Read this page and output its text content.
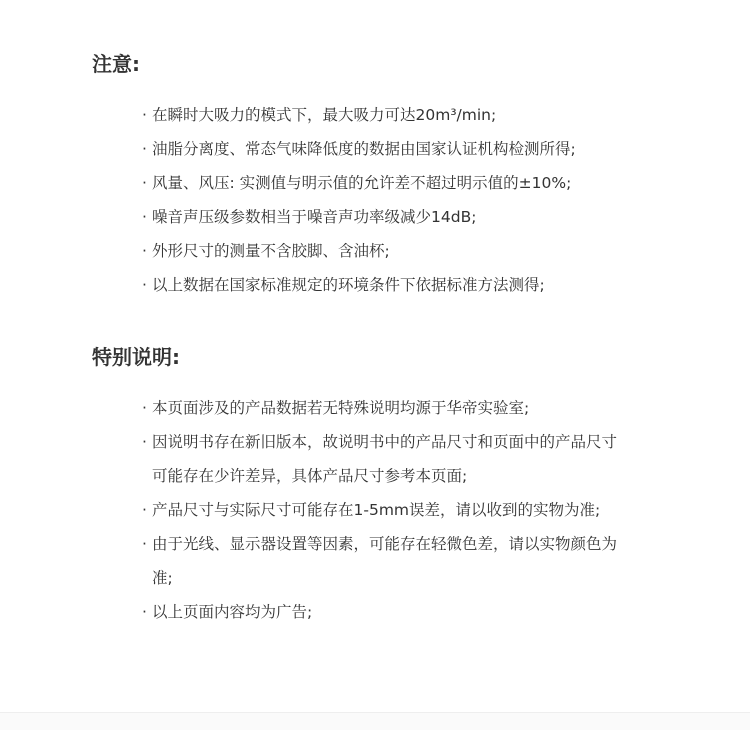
注意:
· 在瞬时大吸力的模式下，最大吸力可达20m³/min;
· 油脂分离度、常态气味降低度的数据由国家认证机构检测所得;
· 风量、风压: 实测值与明示值的允许差不超过明示值的±10%;
· 噪音声压级参数相当于噪音声功率级减少14dB;
· 外形尺寸的测量不含胶脚、含油杯;
· 以上数据在国家标准规定的环境条件下依据标准方法测得;
特别说明:
· 本页面涉及的产品数据若无特殊说明均源于华帝实验室;
· 因说明书存在新旧版本，故说明书中的产品尺寸和页面中的产品尺寸可能存在少许差异，具体产品尺寸参考本页面;
· 产品尺寸与实际尺寸可能存在1-5mm误差，请以收到的实物为准;
· 由于光线、显示器设置等因素，可能存在轻微色差，请以实物颜色为准;
· 以上页面内容均为广告;
